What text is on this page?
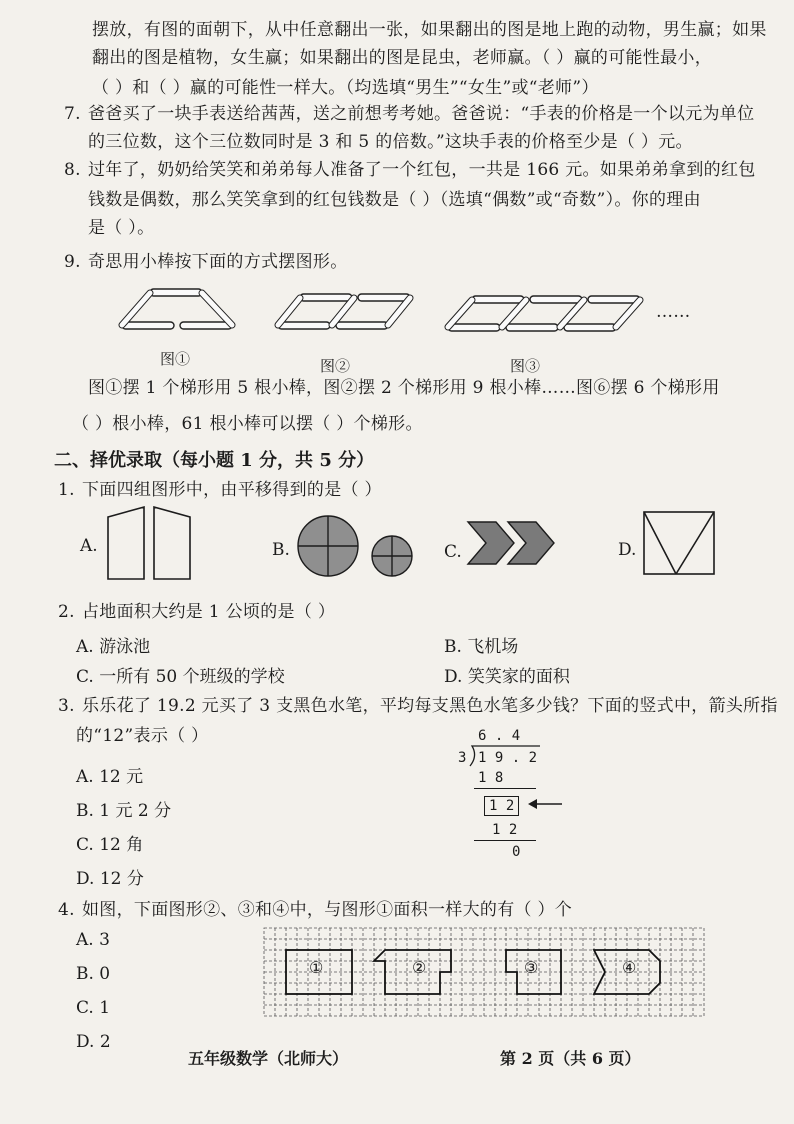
摆放，有图的面朝下，从中任意翻出一张，如果翻出的图是地上跑的动物，男生赢；如果
翻出的图是植物，女生赢；如果翻出的图是昆虫，老师赢。（ ）赢的可能性最小，
（ ）和（ ）赢的可能性一样大。（均选填“男生”“女生”或“老师”）
7. 爸爸买了一块手表送给茜茜，送之前想考考她。爸爸说：“手表的价格是一个以元为单位
的三位数，这个三位数同时是 3 和 5 的倍数。”这块手表的价格至少是（ ）元。
8. 过年了，奶奶给笑笑和弟弟每人准备了一个红包，一共是 166 元。如果弟弟拿到的红包
钱数是偶数，那么笑笑拿到的红包钱数是（ ）（选填“偶数”或“奇数”）。你的理由
是（ ）。
9. 奇思用小棒按下面的方式摆图形。
……
图①	图②	图③
图①摆 1 个梯形用 5 根小棒，图②摆 2 个梯形用 9 根小棒……图⑥摆 6 个梯形用
（ ）根小棒，61 根小棒可以摆（ ）个梯形。
二、择优录取（每小题 1 分，共 5 分）
1. 下面四组图形中，由平移得到的是（ ）
A.	B.	C.	D.
2. 占地面积大约是 1 公顷的是（ ）
A. 游泳池	B. 飞机场
C. 一所有 50 个班级的学校	D. 笑笑家的面积
3. 乐乐花了 19.2 元买了 3 支黑色水笔，平均每支黑色水笔多少钱？下面的竖式中，箭头所指
的“12”表示（ ）
A. 12 元
B. 1 元 2 分
C. 12 角
D. 12 分
6 . 4
3 1 9 . 2
1 8
1 2
1 2
0
4. 如图，下面图形②、③和④中，与图形①面积一样大的有（ ）个
A. 3
B. 0
C. 1
D. 2
①	②	③	④
五年级数学（北师大）	第 2 页（共 6 页）
